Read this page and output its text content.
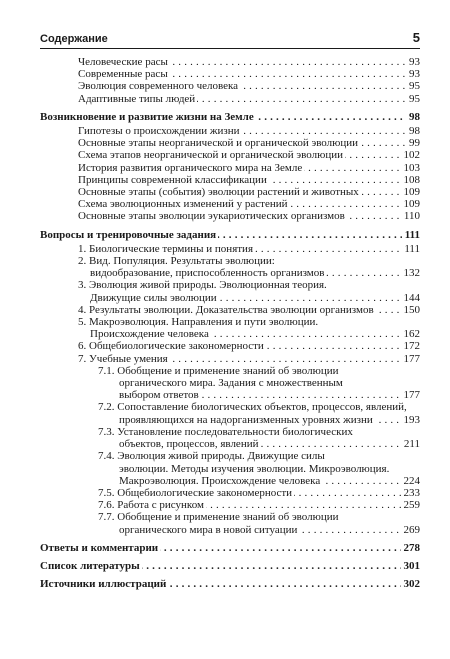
Содержание	5
Человеческие расы . . .	93
Современные расы . . .	93
Эволюция современного человека . . .	95
Адаптивные типы людей . . .	95
Возникновение и развитие жизни на Земле . . .	98
Гипотезы о происхождении жизни . . .	98
Основные этапы неорганической и органической эволюции . . .	99
Схема этапов неорганической и органической эволюции . . .	102
История развития органического мира на Земле . . .	103
Принципы современной классификации . . .	108
Основные этапы (события) эволюции растений и животных . . .	109
Схема эволюционных изменений у растений . . .	109
Основные этапы эволюции эукариотических организмов . . .	110
Вопросы и тренировочные задания . . .	111
1. Биологические термины и понятия . . .	111
2. Вид. Популяция. Результаты эволюции:
видообразование, приспособленность организмов . . .	132
3. Эволюция живой природы. Эволюционная теория.
Движущие силы эволюции . . .	144
4. Результаты эволюции. Доказательства эволюции организмов . . .	150
5. Макроэволюция. Направления и пути эволюции.
Происхождение человека . . .	162
6. Общебиологические закономерности . . .	172
7. Учебные умения . . .	177
7.1. Обобщение и применение знаний об эволюции
органического мира. Задания с множественным
выбором ответов . . .	177
7.2. Сопоставление биологических объектов, процессов, явлений,
проявляющихся на надорганизменных уровнях жизни . . .	193
7.3. Установление последовательности биологических
объектов, процессов, явлений . . .	211
7.4. Эволюция живой природы. Движущие силы
эволюции. Методы изучения эволюции. Микроэволюция.
Макроэволюция. Происхождение человека . . .	224
7.5. Общебиологические закономерности . . .	233
7.6. Работа с рисунком . . .	259
7.7. Обобщение и применение знаний об эволюции
органического мира в новой ситуации . . .	269
Ответы и комментарии . . .	278
Список литературы . . .	301
Источники иллюстраций . . .	302
